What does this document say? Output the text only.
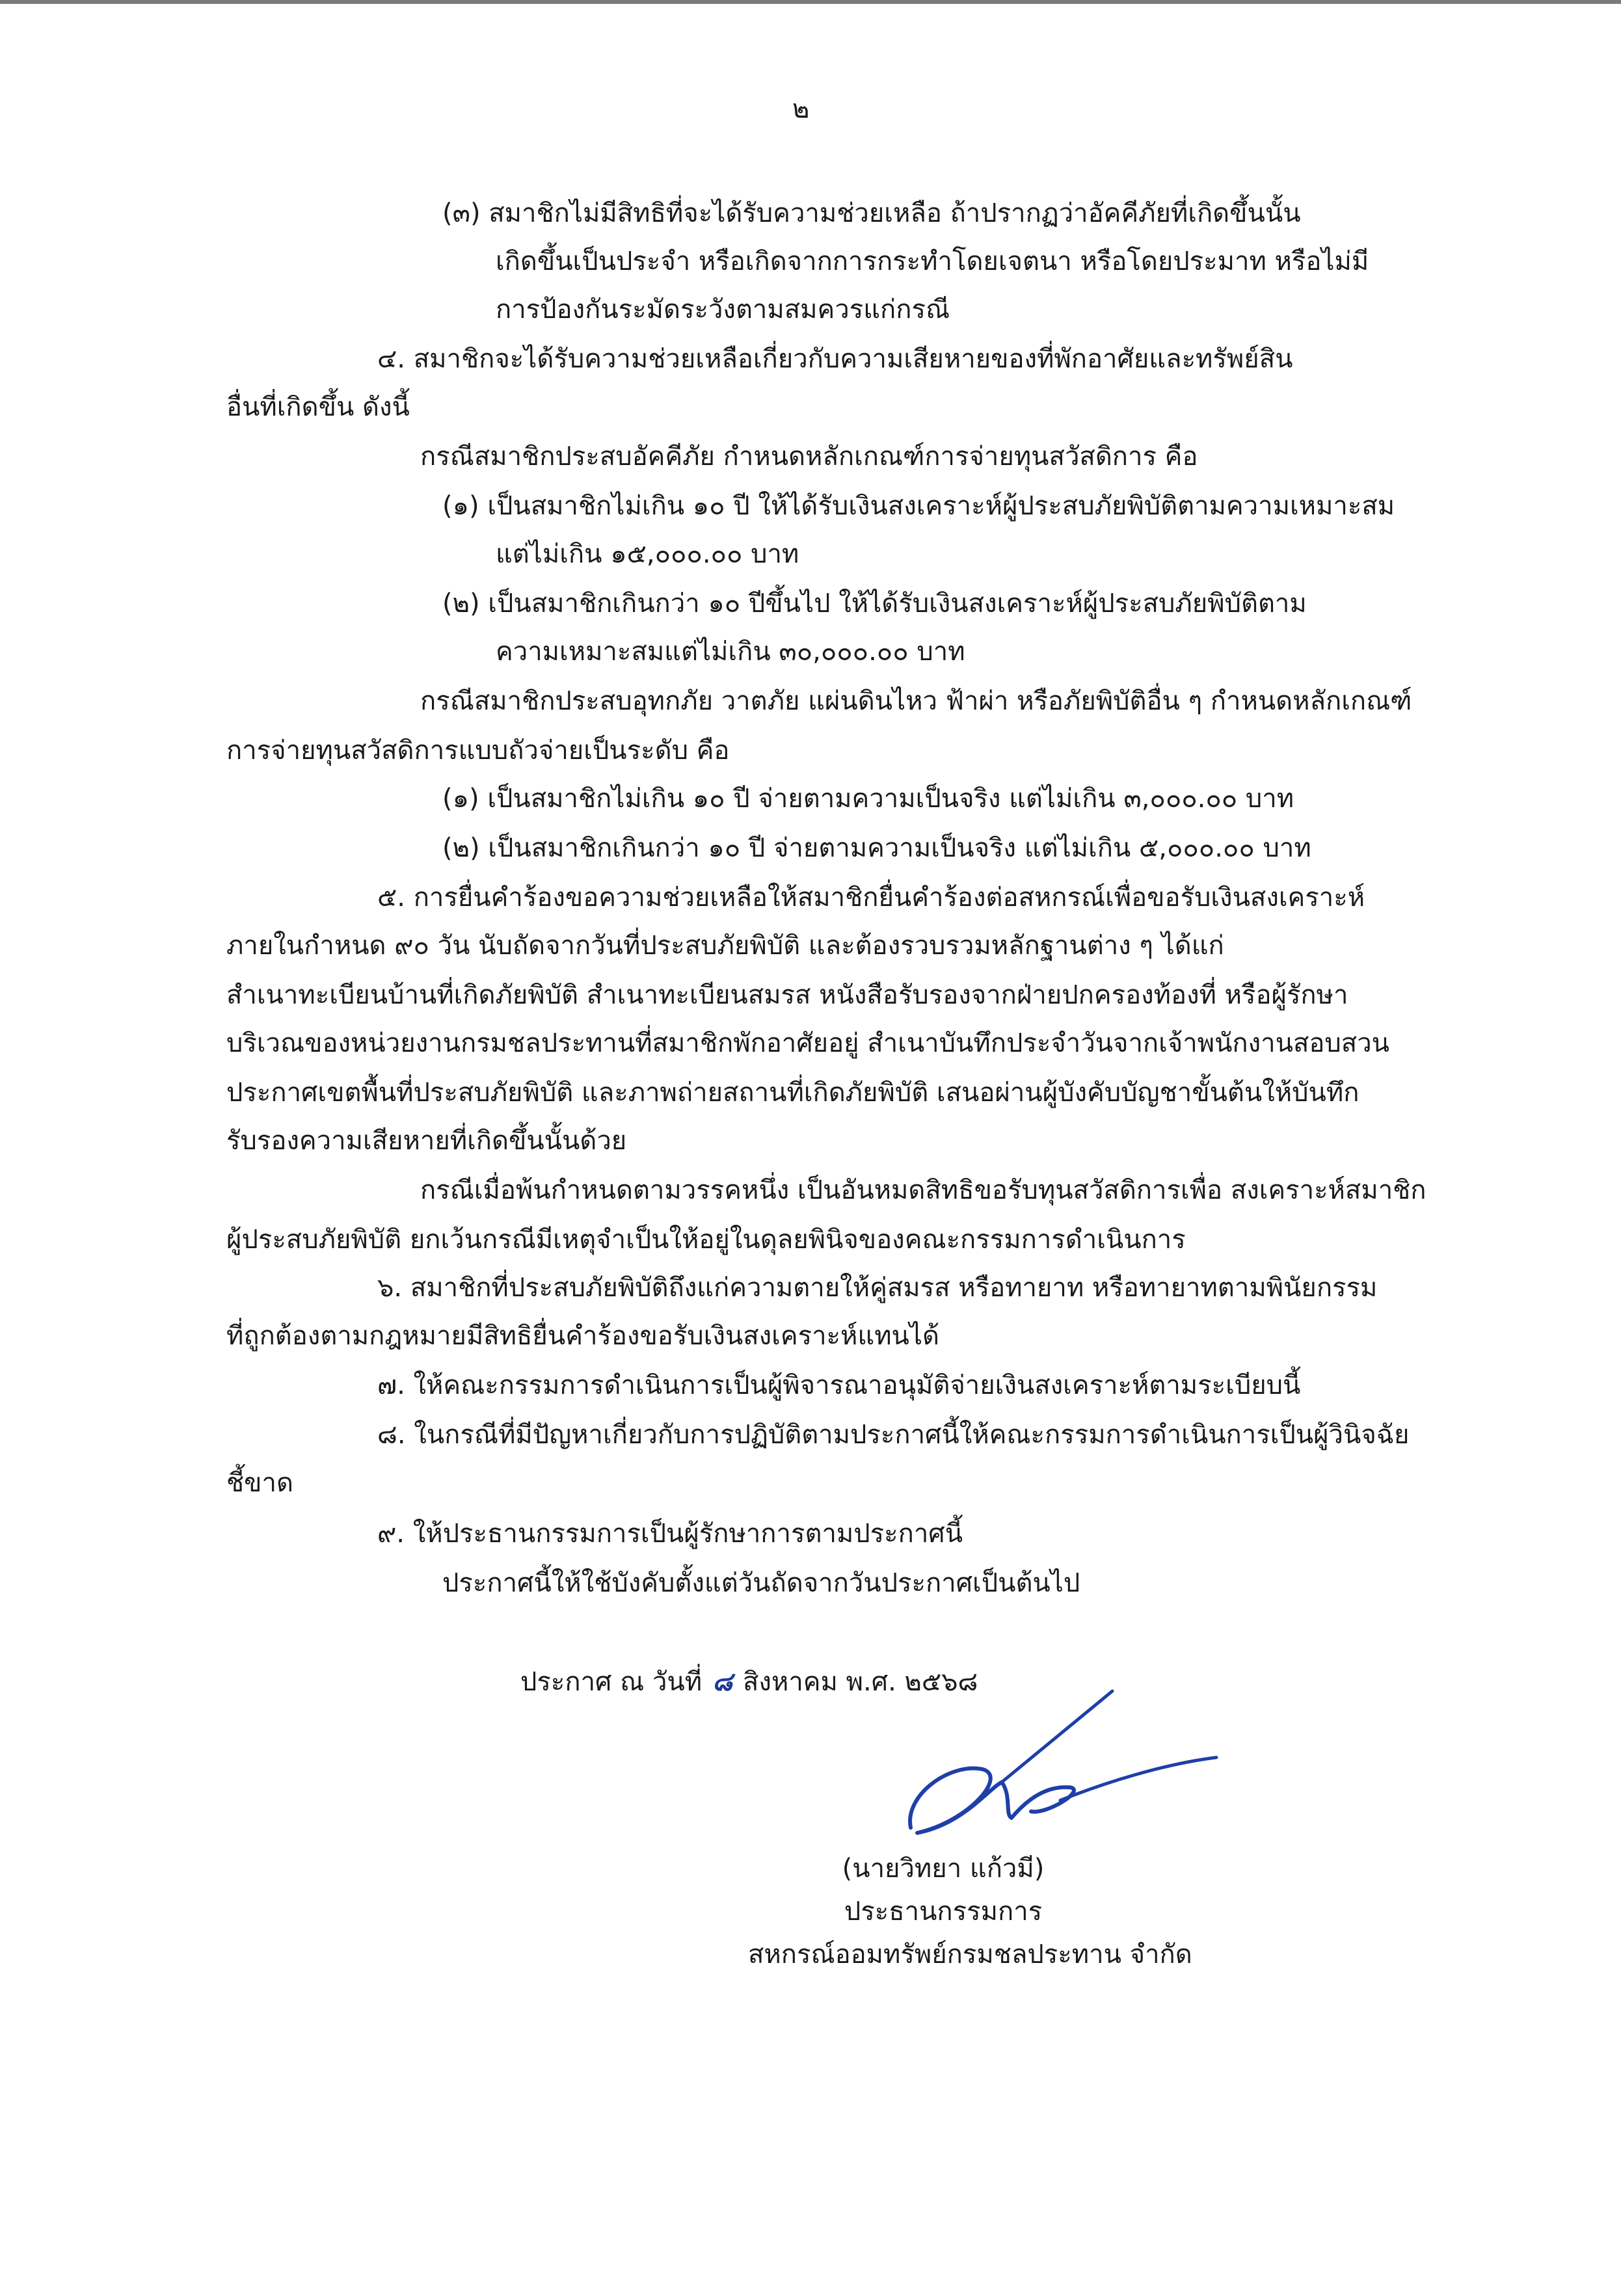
๒
(๓) สมาชิกไม่มีสิทธิที่จะได้รับความช่วยเหลือ ถ้าปรากฏว่าอัคคีภัยที่เกิดขึ้นนั้น
เกิดขึ้นเป็นประจำ หรือเกิดจากการกระทำโดยเจตนา หรือโดยประมาท หรือไม่มี
การป้องกันระมัดระวังตามสมควรแก่กรณี
๔. สมาชิกจะได้รับความช่วยเหลือเกี่ยวกับความเสียหายของที่พักอาศัยและทรัพย์สิน
อื่นที่เกิดขึ้น ดังนี้
กรณีสมาชิกประสบอัคคีภัย กำหนดหลักเกณฑ์การจ่ายทุนสวัสดิการ คือ
(๑) เป็นสมาชิกไม่เกิน ๑๐ ปี ให้ได้รับเงินสงเคราะห์ผู้ประสบภัยพิบัติตามความเหมาะสม
แต่ไม่เกิน ๑๕,๐๐๐.๐๐ บาท
(๒) เป็นสมาชิกเกินกว่า ๑๐ ปีขึ้นไป ให้ได้รับเงินสงเคราะห์ผู้ประสบภัยพิบัติตาม
ความเหมาะสมแต่ไม่เกิน ๓๐,๐๐๐.๐๐ บาท
กรณีสมาชิกประสบอุทกภัย วาตภัย แผ่นดินไหว ฟ้าผ่า หรือภัยพิบัติอื่น ๆ กำหนดหลักเกณฑ์
การจ่ายทุนสวัสดิการแบบถัวจ่ายเป็นระดับ คือ
(๑) เป็นสมาชิกไม่เกิน ๑๐ ปี จ่ายตามความเป็นจริง แต่ไม่เกิน ๓,๐๐๐.๐๐ บาท
(๒) เป็นสมาชิกเกินกว่า ๑๐ ปี จ่ายตามความเป็นจริง แต่ไม่เกิน ๕,๐๐๐.๐๐ บาท
๕. การยื่นคำร้องขอความช่วยเหลือให้สมาชิกยื่นคำร้องต่อสหกรณ์เพื่อขอรับเงินสงเคราะห์
ภายในกำหนด ๙๐ วัน นับถัดจากวันที่ประสบภัยพิบัติ และต้องรวบรวมหลักฐานต่าง ๆ ได้แก่
สำเนาทะเบียนบ้านที่เกิดภัยพิบัติ สำเนาทะเบียนสมรส หนังสือรับรองจากฝ่ายปกครองท้องที่ หรือผู้รักษา
บริเวณของหน่วยงานกรมชลประทานที่สมาชิกพักอาศัยอยู่ สำเนาบันทึกประจำวันจากเจ้าพนักงานสอบสวน
ประกาศเขตพื้นที่ประสบภัยพิบัติ และภาพถ่ายสถานที่เกิดภัยพิบัติ เสนอผ่านผู้บังคับบัญชาขั้นต้นให้บันทึก
รับรองความเสียหายที่เกิดขึ้นนั้นด้วย
กรณีเมื่อพ้นกำหนดตามวรรคหนึ่ง เป็นอันหมดสิทธิขอรับทุนสวัสดิการเพื่อ สงเคราะห์สมาชิก
ผู้ประสบภัยพิบัติ ยกเว้นกรณีมีเหตุจำเป็นให้อยู่ในดุลยพินิจของคณะกรรมการดำเนินการ
๖. สมาชิกที่ประสบภัยพิบัติถึงแก่ความตายให้คู่สมรส หรือทายาท หรือทายาทตามพินัยกรรม
ที่ถูกต้องตามกฎหมายมีสิทธิยื่นคำร้องขอรับเงินสงเคราะห์แทนได้
๗. ให้คณะกรรมการดำเนินการเป็นผู้พิจารณาอนุมัติจ่ายเงินสงเคราะห์ตามระเบียบนี้
๘. ในกรณีที่มีปัญหาเกี่ยวกับการปฏิบัติตามประกาศนี้ให้คณะกรรมการดำเนินการเป็นผู้วินิจฉัย
ชี้ขาด
๙. ให้ประธานกรรมการเป็นผู้รักษาการตามประกาศนี้
ประกาศนี้ให้ใช้บังคับตั้งแต่วันถัดจากวันประกาศเป็นต้นไป
ประกาศ ณ วันที่ ๘ สิงหาคม พ.ศ. ๒๕๖๘
(นายวิทยา แก้วมี)
ประธานกรรมการ
สหกรณ์ออมทรัพย์กรมชลประทาน จำกัด
